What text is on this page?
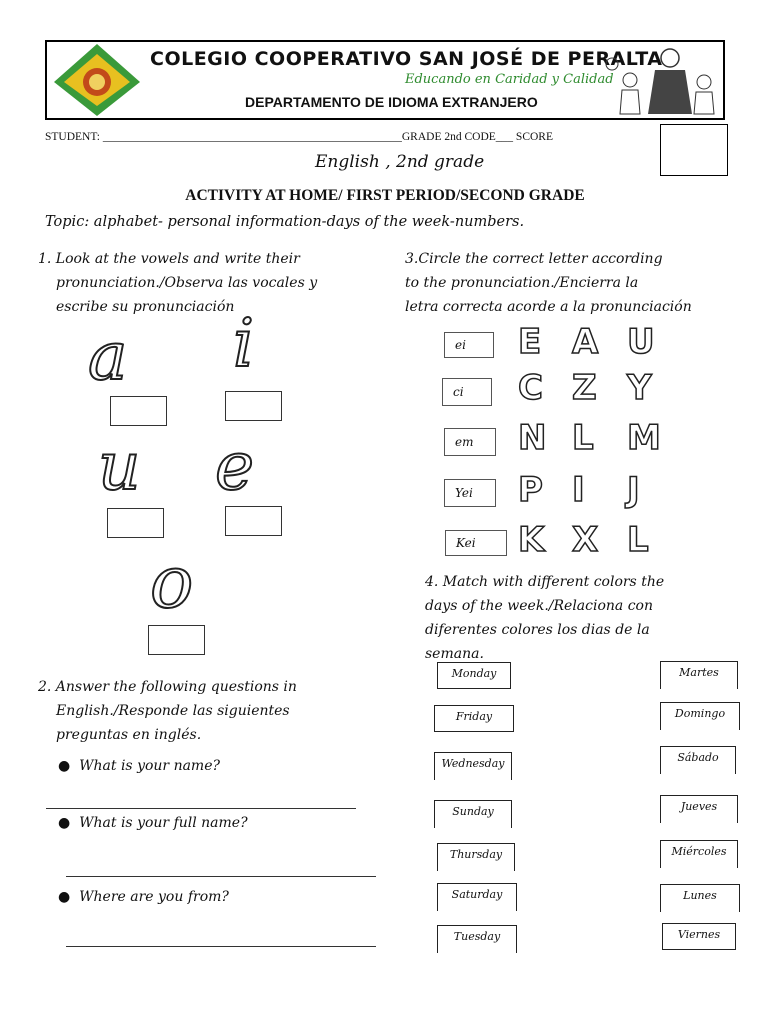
COLEGIO COOPERATIVO SAN JOSÉ DE PERALTA
Educando en Caridad y Calidad
DEPARTAMENTO DE IDIOMA EXTRANJERO
STUDENT: ____________________________________________________GRADE 2nd CODE___ SCORE
English , 2nd grade
ACTIVITY AT HOME/ FIRST PERIOD/SECOND GRADE
Topic: alphabet- personal information-days of the week-numbers.
1. Look at the vowels and write their
pronunciation./Observa las vocales y
escribe su pronunciación
a i
u e
o
3.Circle the correct letter according
to the pronunciation./Encierra la
letra correcta acorde a la pronunciación
ei
ci
em
Yei
Kei
E A U
C Z Y
N L M
P I J
K X L
4. Match with different colors the
days of the week./Relaciona con
diferentes colores los dias de la
semana.
Monday
Friday
Wednesday
Sunday
Thursday
Saturday
Tuesday
Martes
Domingo
Sábado
Jueves
Miércoles
Lunes
Viernes
2. Answer the following questions in
English./Responde las siguientes
preguntas en inglés.
●  What is your name?
●  What is your full name?
●  Where are you from?
